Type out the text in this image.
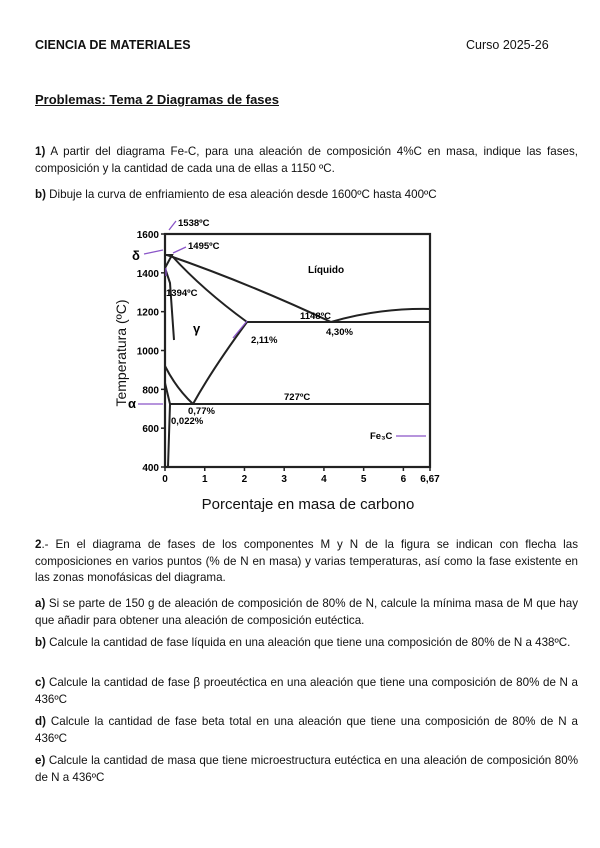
CIENCIA DE MATERIALES	Curso 2025-26
Problemas: Tema 2 Diagramas de fases
1) A partir del diagrama Fe-C, para una aleación de composición 4%C en masa, indique las fases, composición y la cantidad de cada una de ellas a 1150 ºC.
b) Dibuje la curva de enfriamiento de esa aleación desde 1600ºC hasta 400ºC
400
600
800
1000
1200
1400
1600
0	1	2	3	4	5	6 6,67
Porcentaje en masa de carbono
Temperatura (ºC)
1538ºC
1495ºC
1394ºC
1148ºC
4,30%
2,11%
727ºC
0,77%
0,022%
Líquido
γ
δ
α
Fe₃C
2.- En el diagrama de fases de los componentes M y N de la figura se indican con flecha las composiciones en varios puntos (% de N en masa) y varias temperaturas, así como la fase existente en las zonas monofásicas del diagrama.
a) Si se parte de 150 g de aleación de composición de 80% de N, calcule la mínima masa de M que hay que añadir para obtener una aleación de composición eutéctica.
b) Calcule la cantidad de fase líquida en una aleación que tiene una composición de 80% de N a 438ºC.
c) Calcule la cantidad de fase β proeutéctica en una aleación que tiene una composición de 80% de N a 436ºC
d) Calcule la cantidad de fase beta total en una aleación que tiene una composición de 80% de N a 436ºC
e) Calcule la cantidad de masa que tiene microestructura eutéctica en una aleación de composición 80% de N a 436ºC
